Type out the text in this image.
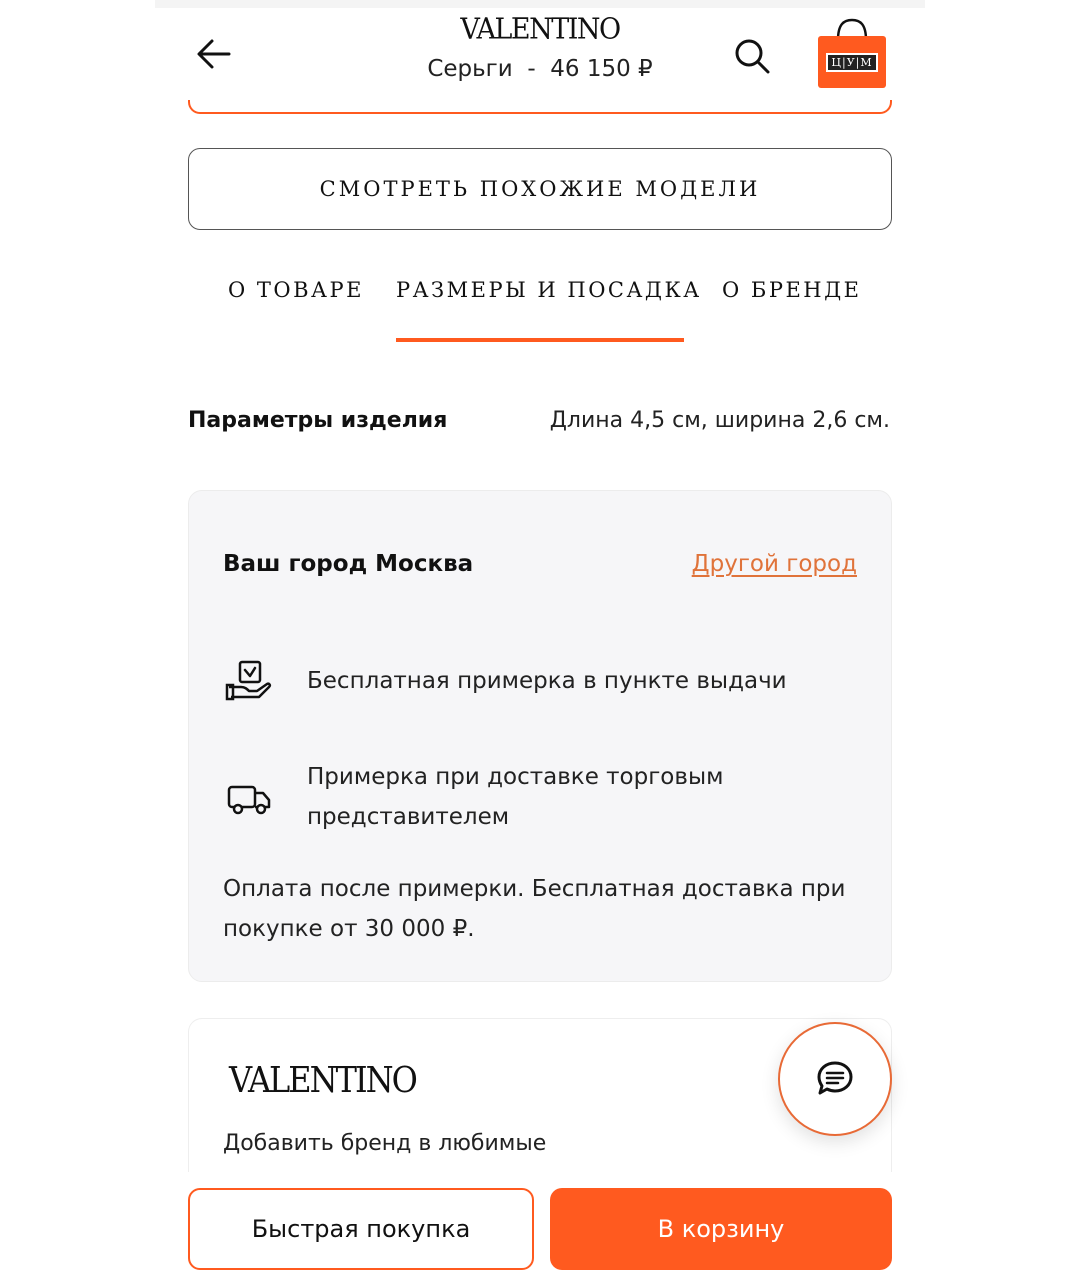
VALENTINO
Серьги  -  46 150 ₽	Ц|У|М
СМОТРЕТЬ ПОХОЖИЕ МОДЕЛИ
О ТОВАРЕ РАЗМЕРЫ И ПОСАДКА О БРЕНДЕ
Параметры изделия	Длина 4,5 см, ширина 2,6 см.
Ваш город Москва	Другой город
Бесплатная примерка в пункте выдачи
Примерка при доставке торговым представителем
Оплата после примерки. Бесплатная доставка при покупке от 30 000 ₽.
VALENTINO
Добавить бренд в любимые
Быстрая покупка	В корзину
